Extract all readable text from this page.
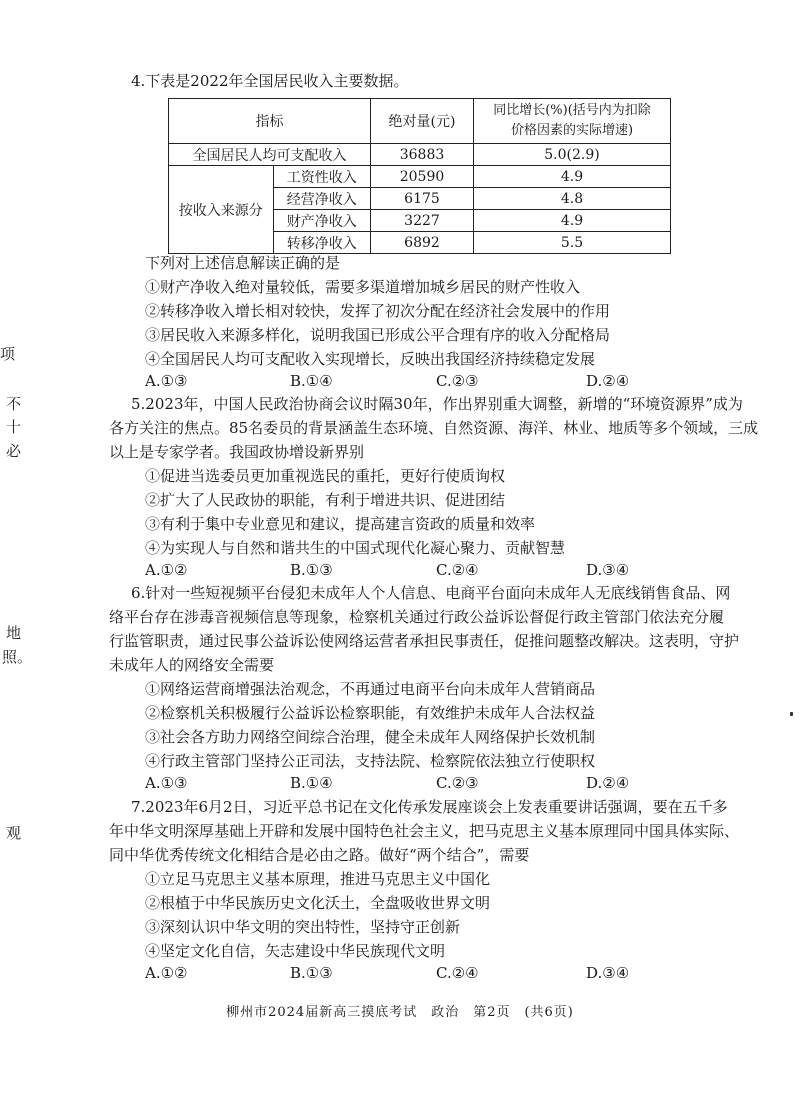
项
不
十
必
地
照。
观
4.下表是2022年全国居民收入主要数据。
指标		绝对量(元)	同比增长(%)(括号内为扣除
价格因素的实际增速)

全国居民人均可支配收入		36883	5.0(2.9)
按收入来源分	工资性收入	20590	4.9
	经营净收入	6175	4.8
	财产净收入	3227	4.9
	转移净收入	6892	5.5
下列对上述信息解读正确的是
①财产净收入绝对量较低，需要多渠道增加城乡居民的财产性收入
②转移净收入增长相对较快，发挥了初次分配在经济社会发展中的作用
③居民收入来源多样化，说明我国已形成公平合理有序的收入分配格局
④全国居民人均可支配收入实现增长，反映出我国经济持续稳定发展
A.①③	B.①④	C.②③	D.②④
5.2023年，中国人民政治协商会议时隔30年，作出界别重大调整，新增的“环境资源界”成为
各方关注的焦点。85名委员的背景涵盖生态环境、自然资源、海洋、林业、地质等多个领域，三成
以上是专家学者。我国政协增设新界别
①促进当选委员更加重视选民的重托，更好行使质询权
②扩大了人民政协的职能，有利于增进共识、促进团结
③有利于集中专业意见和建议，提高建言资政的质量和效率
④为实现人与自然和谐共生的中国式现代化凝心聚力、贡献智慧
A.①②	B.①③	C.②④	D.③④
6.针对一些短视频平台侵犯未成年人个人信息、电商平台面向未成年人无底线销售食品、网
络平台存在涉毒音视频信息等现象，检察机关通过行政公益诉讼督促行政主管部门依法充分履
行监管职责，通过民事公益诉讼使网络运营者承担民事责任，促推问题整改解决。这表明，守护
未成年人的网络安全需要
①网络运营商增强法治观念，不再通过电商平台向未成年人营销商品
②检察机关积极履行公益诉讼检察职能，有效维护未成年人合法权益
③社会各方助力网络空间综合治理，健全未成年人网络保护长效机制
④行政主管部门坚持公正司法，支持法院、检察院依法独立行使职权
A.①③	B.①④	C.②③	D.②④
7.2023年6月2日，习近平总书记在文化传承发展座谈会上发表重要讲话强调，要在五千多
年中华文明深厚基础上开辟和发展中国特色社会主义，把马克思主义基本原理同中国具体实际、
同中华优秀传统文化相结合是必由之路。做好“两个结合”，需要
①立足马克思主义基本原理，推进马克思主义中国化
②根植于中华民族历史文化沃土，全盘吸收世界文明
③深刻认识中华文明的突出特性，坚持守正创新
④坚定文化自信，矢志建设中华民族现代文明
A.①②	B.①③	C.②④	D.③④
柳州市2024届新高三摸底考试　政治　第2页　(共6页)
